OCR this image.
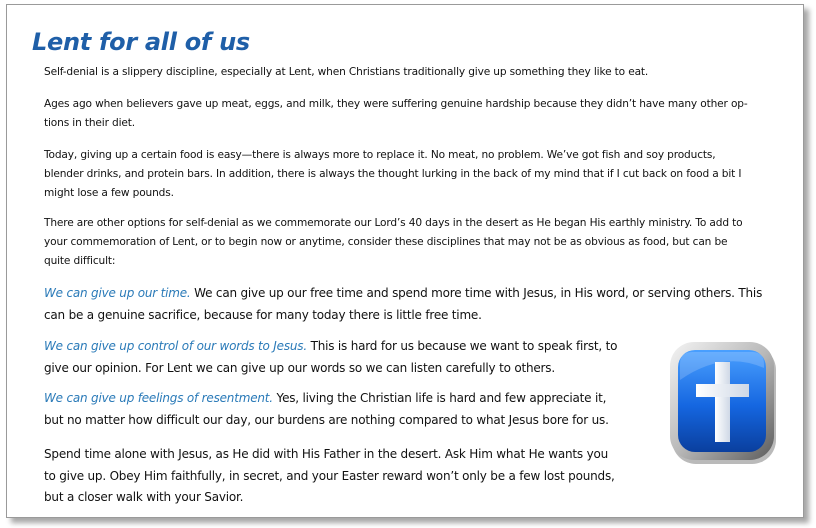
Lent for all of us

Self-denial is a slippery discipline, especially at Lent, when Christians traditionally give up something they like to eat.

Ages ago when believers gave up meat, eggs, and milk, they were suffering genuine hardship because they didn’t have many other op-
tions in their diet.

Today, giving up a certain food is easy—there is always more to replace it. No meat, no problem. We’ve got fish and soy products,
blender drinks, and protein bars. In addition, there is always the thought lurking in the back of my mind that if I cut back on food a bit I
might lose a few pounds.

There are other options for self-denial as we commemorate our Lord’s 40 days in the desert as He began His earthly ministry. To add to
your commemoration of Lent, or to begin now or anytime, consider these disciplines that may not be as obvious as food, but can be
quite difficult:

We can give up our time. We can give up our free time and spend more time with Jesus, in His word, or serving others. This
can be a genuine sacrifice, because for many today there is little free time.

We can give up control of our words to Jesus. This is hard for us because we want to speak first, to
give our opinion. For Lent we can give up our words so we can listen carefully to others.

We can give up feelings of resentment. Yes, living the Christian life is hard and few appreciate it,
but no matter how difficult our day, our burdens are nothing compared to what Jesus bore for us.

Spend time alone with Jesus, as He did with His Father in the desert. Ask Him what He wants you
to give up. Obey Him faithfully, in secret, and your Easter reward won’t only be a few lost pounds,
but a closer walk with your Savior.
